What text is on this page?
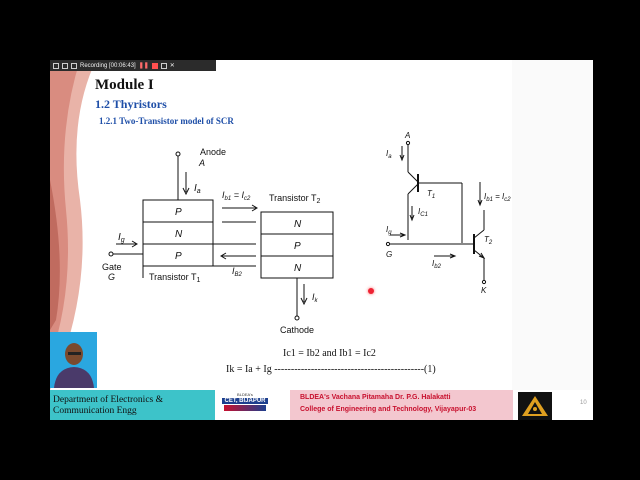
Recording [00:06:43] ❚❚	✕

Module I

1.2 Thyristors

1.2.1 Two-Transistor model of SCR

Anode
A
$I_a$
P
N
P
Transistor $T_1$
$I_{b1} = I_{c2}$
$I_{B2}$
Transistor $T_2$
N
P
N
$I_k$
Cathode
$I_g$
Gate
G
A
$I_a$
$T_1$
$I_{C1}$
$I_{b1} = I_{c2}$
$I_g$
G
$T_2$
$I_{b2}$
K

Ic1 = Ib2 and Ib1 = Ic2

Ik = Ia + Ig ---------------------------------------------(1)

Department of Electronics &
Communication Engg

BLDEA's
CET, BIJAPUR	BLDEA's Vachana Pitamaha Dr. P.G. Halakatti

College of Engineering and Technology, Vijayapur-03

10
